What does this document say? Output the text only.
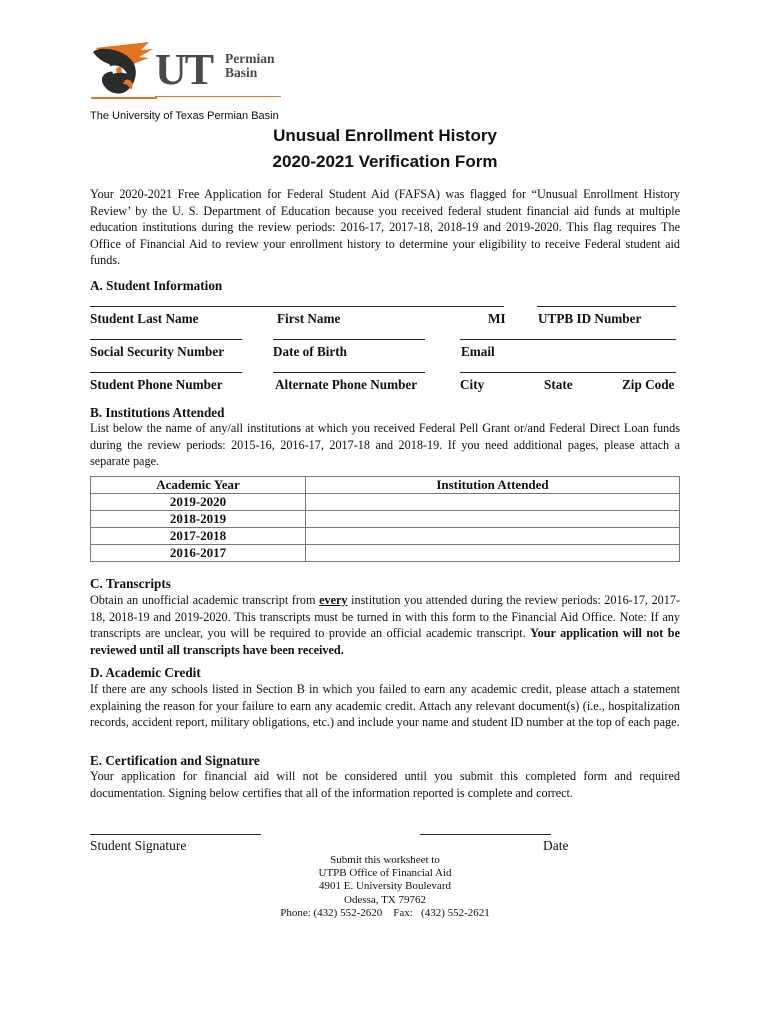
UT Permian
Basin
The University of Texas Permian Basin
Unusual Enrollment History
2020-2021 Verification Form
Your 2020-2021 Free Application for Federal Student Aid (FAFSA) was flagged for “Unusual Enrollment History Review’ by the U. S. Department of Education because you received federal student financial aid funds at multiple education institutions during the review periods: 2016-17, 2017-18, 2018-19 and 2019-2020. This flag requires The Office of Financial Aid to review your enrollment history to determine your eligibility to receive Federal student aid funds.
A. Student Information
Student Last Name	First Name	MI UTPB ID Number
Social Security Number	Date of Birth	Email
Student Phone Number	Alternate Phone Number	City	State	Zip Code
B. Institutions Attended
List below the name of any/all institutions at which you received Federal Pell Grant or/and Federal Direct Loan funds during the review periods: 2015-16, 2016-17, 2017-18 and 2018-19. If you need additional pages, please attach a separate page.
Academic Year	Institution Attended
2019-2020	
2018-2019	
2017-2018	
2016-2017	
C. Transcripts
Obtain an unofficial academic transcript from every institution you attended during the review periods: 2016-17, 2017-18, 2018-19 and 2019-2020. This transcripts must be turned in with this form to the Financial Aid Office. Note: If any transcripts are unclear, you will be required to provide an official academic transcript. Your application will not be reviewed until all transcripts have been received.
D. Academic Credit
If there are any schools listed in Section B in which you failed to earn any academic credit, please attach a statement explaining the reason for your failure to earn any academic credit. Attach any relevant document(s) (i.e., hospitalization records, accident report, military obligations, etc.) and include your name and student ID number at the top of each page.
E. Certification and Signature
Your application for financial aid will not be considered until you submit this completed form and required documentation. Signing below certifies that all of the information reported is complete and correct.
Student Signature	Date
Submit this worksheet to
UTPB Office of Financial Aid
4901 E. University Boulevard
Odessa, TX 79762
Phone: (432) 552-2620    Fax:   (432) 552-2621
